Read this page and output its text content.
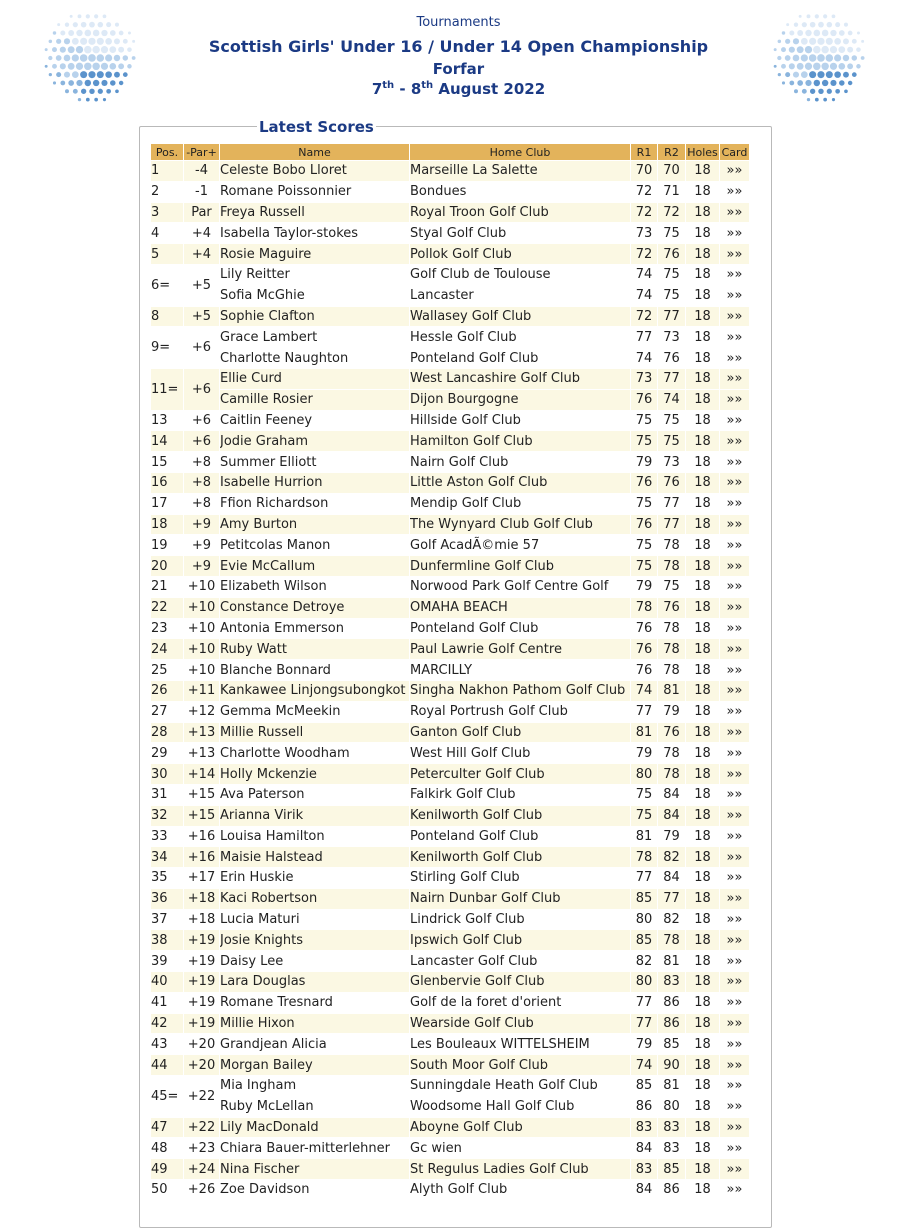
Tournaments
Scottish Girls' Under 16 / Under 14 Open Championship
Forfar
7th - 8th August 2022
Latest Scores
Pos.	-Par+	Name	Home Club	R1	R2	Holes	Card
1	-4	Celeste Bobo Lloret	Marseille La Salette	70	70	18	»»
2	-1	Romane Poissonnier	Bondues	72	71	18	»»
3	Par	Freya Russell	Royal Troon Golf Club	72	72	18	»»
4	+4	Isabella Taylor-stokes	Styal Golf Club	73	75	18	»»
5	+4	Rosie Maguire	Pollok Golf Club	72	76	18	»»
6=	+5	Lily Reitter	Golf Club de Toulouse	74	75	18	»»
		Sofia McGhie	Lancaster	74	75	18	»»
8	+5	Sophie Clafton	Wallasey Golf Club	72	77	18	»»
9=	+6	Grace Lambert	Hessle Golf Club	77	73	18	»»
		Charlotte Naughton	Ponteland Golf Club	74	76	18	»»
11=	+6	Ellie Curd	West Lancashire Golf Club	73	77	18	»»
		Camille Rosier	Dijon Bourgogne	76	74	18	»»
13	+6	Caitlin Feeney	Hillside Golf Club	75	75	18	»»
14	+6	Jodie Graham	Hamilton Golf Club	75	75	18	»»
15	+8	Summer Elliott	Nairn Golf Club	79	73	18	»»
16	+8	Isabelle Hurrion	Little Aston Golf Club	76	76	18	»»
17	+8	Ffion Richardson	Mendip Golf Club	75	77	18	»»
18	+9	Amy Burton	The Wynyard Club Golf Club	76	77	18	»»
19	+9	Petitcolas Manon	Golf AcadÃ©mie 57	75	78	18	»»
20	+9	Evie McCallum	Dunfermline Golf Club	75	78	18	»»
21	+10	Elizabeth Wilson	Norwood Park Golf Centre Golf	79	75	18	»»
22	+10	Constance Detroye	OMAHA BEACH	78	76	18	»»
23	+10	Antonia Emmerson	Ponteland Golf Club	76	78	18	»»
24	+10	Ruby Watt	Paul Lawrie Golf Centre	76	78	18	»»
25	+10	Blanche Bonnard	MARCILLY	76	78	18	»»
26	+11	Kankawee Linjongsubongkot	Singha Nakhon Pathom Golf Club	74	81	18	»»
27	+12	Gemma McMeekin	Royal Portrush Golf Club	77	79	18	»»
28	+13	Millie Russell	Ganton Golf Club	81	76	18	»»
29	+13	Charlotte Woodham	West Hill Golf Club	79	78	18	»»
30	+14	Holly Mckenzie	Peterculter Golf Club	80	78	18	»»
31	+15	Ava Paterson	Falkirk Golf Club	75	84	18	»»
32	+15	Arianna Virik	Kenilworth Golf Club	75	84	18	»»
33	+16	Louisa Hamilton	Ponteland Golf Club	81	79	18	»»
34	+16	Maisie Halstead	Kenilworth Golf Club	78	82	18	»»
35	+17	Erin Huskie	Stirling Golf Club	77	84	18	»»
36	+18	Kaci Robertson	Nairn Dunbar Golf Club	85	77	18	»»
37	+18	Lucia Maturi	Lindrick Golf Club	80	82	18	»»
38	+19	Josie Knights	Ipswich Golf Club	85	78	18	»»
39	+19	Daisy Lee	Lancaster Golf Club	82	81	18	»»
40	+19	Lara Douglas	Glenbervie Golf Club	80	83	18	»»
41	+19	Romane Tresnard	Golf de la foret d'orient	77	86	18	»»
42	+19	Millie Hixon	Wearside Golf Club	77	86	18	»»
43	+20	Grandjean Alicia	Les Bouleaux WITTELSHEIM	79	85	18	»»
44	+20	Morgan Bailey	South Moor Golf Club	74	90	18	»»
45=	+22	Mia Ingham	Sunningdale Heath Golf Club	85	81	18	»»
		Ruby McLellan	Woodsome Hall Golf Club	86	80	18	»»
47	+22	Lily MacDonald	Aboyne Golf Club	83	83	18	»»
48	+23	Chiara Bauer-mitterlehner	Gc wien	84	83	18	»»
49	+24	Nina Fischer	St Regulus Ladies Golf Club	83	85	18	»»
50	+26	Zoe Davidson	Alyth Golf Club	84	86	18	»»
